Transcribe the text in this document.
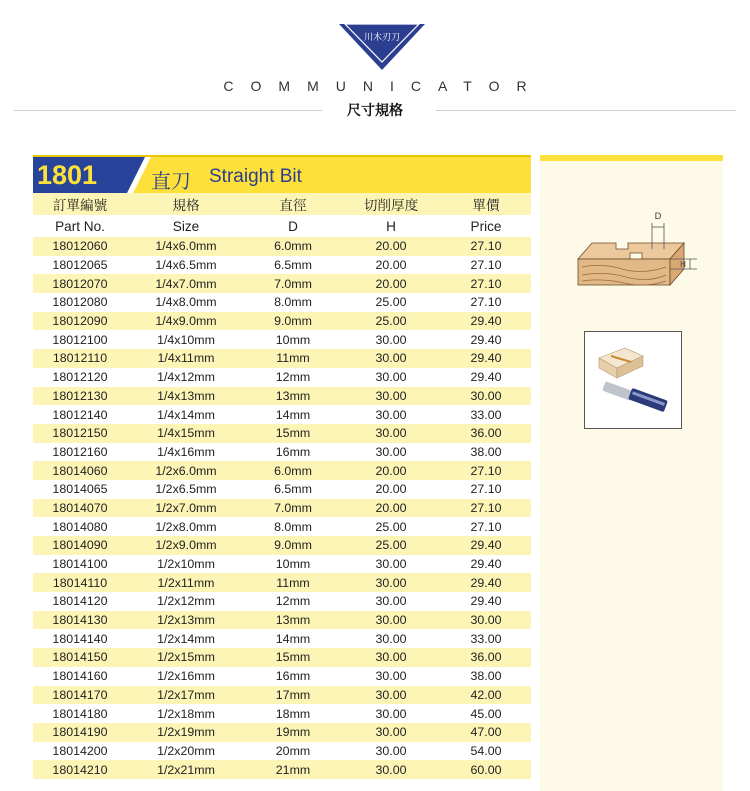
川木刃刀
COMMUNICATOR
尺寸規格
1801	直刀 Straight Bit
訂單編號	規格	直徑	切削厚度	單價
Part No.	Size	D	H	Price
18012060	1/4x6.0mm	6.0mm	20.00	27.10
18012065	1/4x6.5mm	6.5mm	20.00	27.10
18012070	1/4x7.0mm	7.0mm	20.00	27.10
18012080	1/4x8.0mm	8.0mm	25.00	27.10
18012090	1/4x9.0mm	9.0mm	25.00	29.40
18012100	1/4x10mm	10mm	30.00	29.40
18012110	1/4x11mm	11mm	30.00	29.40
18012120	1/4x12mm	12mm	30.00	29.40
18012130	1/4x13mm	13mm	30.00	30.00
18012140	1/4x14mm	14mm	30.00	33.00
18012150	1/4x15mm	15mm	30.00	36.00
18012160	1/4x16mm	16mm	30.00	38.00
18014060	1/2x6.0mm	6.0mm	20.00	27.10
18014065	1/2x6.5mm	6.5mm	20.00	27.10
18014070	1/2x7.0mm	7.0mm	20.00	27.10
18014080	1/2x8.0mm	8.0mm	25.00	27.10
18014090	1/2x9.0mm	9.0mm	25.00	29.40
18014100	1/2x10mm	10mm	30.00	29.40
18014110	1/2x11mm	11mm	30.00	29.40
18014120	1/2x12mm	12mm	30.00	29.40
18014130	1/2x13mm	13mm	30.00	30.00
18014140	1/2x14mm	14mm	30.00	33.00
18014150	1/2x15mm	15mm	30.00	36.00
18014160	1/2x16mm	16mm	30.00	38.00
18014170	1/2x17mm	17mm	30.00	42.00
18014180	1/2x18mm	18mm	30.00	45.00
18014190	1/2x19mm	19mm	30.00	47.00
18014200	1/2x20mm	20mm	30.00	54.00
18014210	1/2x21mm	21mm	30.00	60.00
D
H
